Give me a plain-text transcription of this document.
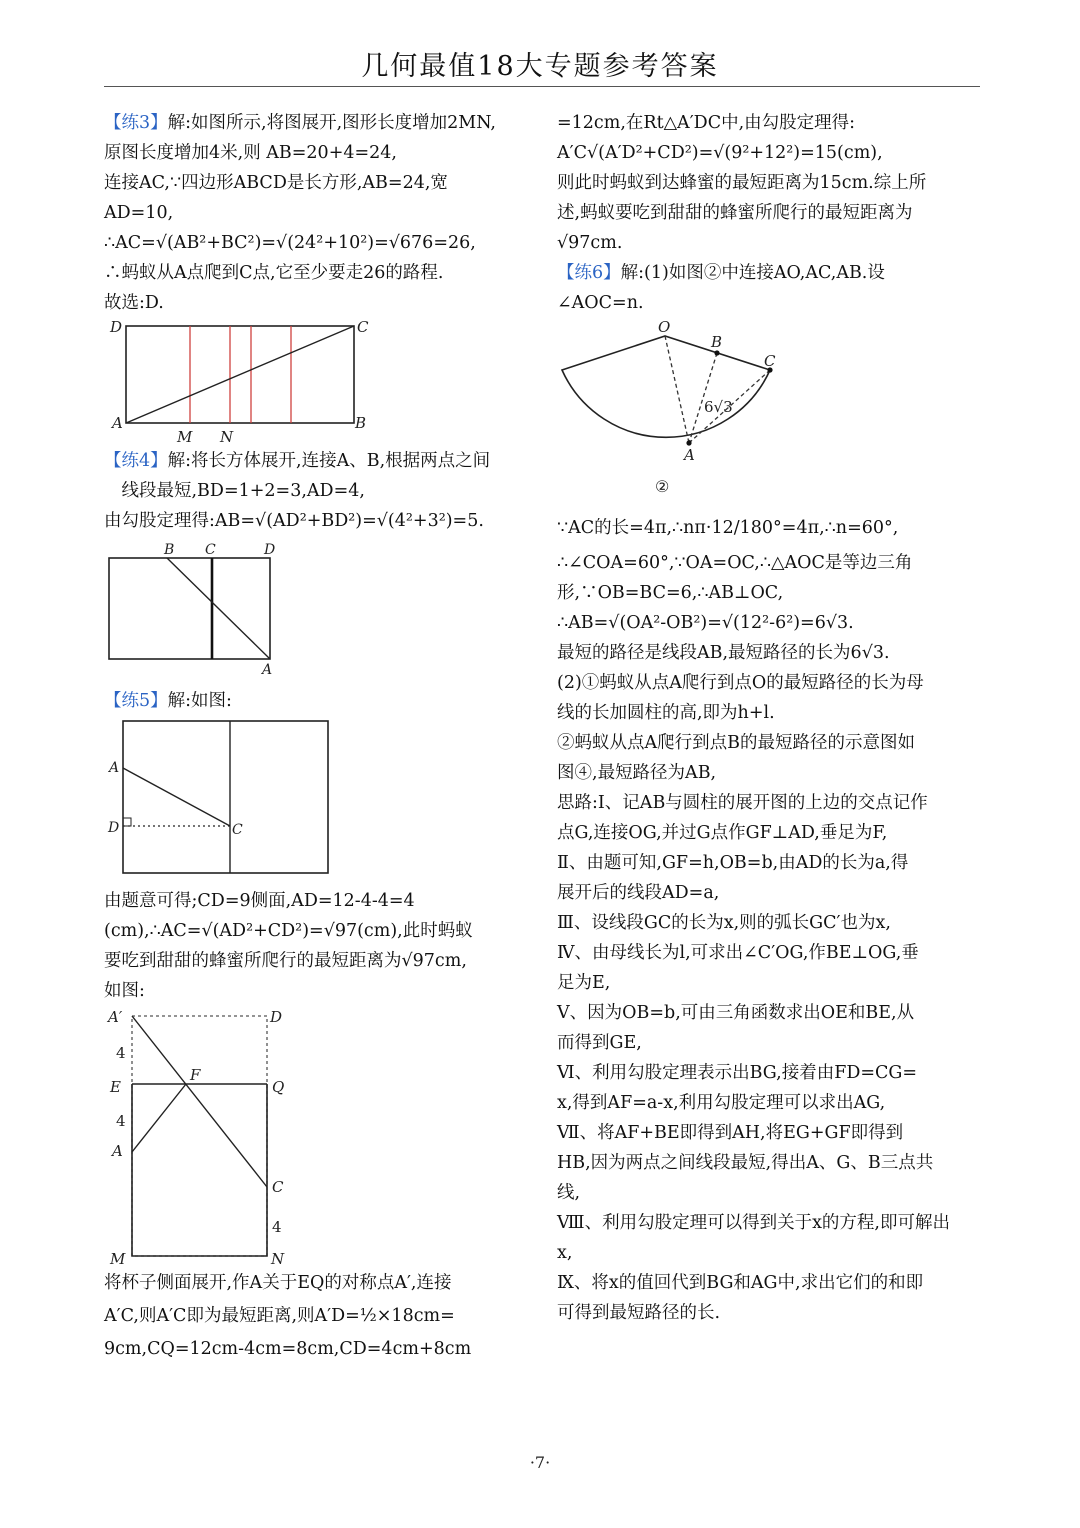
几何最值18大专题参考答案
【练3】解:如图所示,将图展开,图形长度增加2MN,
原图长度增加4米,则 AB=20+4=24,
连接AC,∵四边形ABCD是长方形,AB=24,宽
AD=10,
∴AC=√(AB²+BC²)=√(24²+10²)=√676=26,
∴蚂蚁从A点爬到C点,它至少要走26的路程.
故选:D.
D	C
A	B
M N
【练4】解:将长方体展开,连接A、B,根据两点之间
　线段最短,BD=1+2=3,AD=4,
由勾股定理得:AB=√(AD²+BD²)=√(4²+3²)=5.
B C	D
A
【练5】解:如图:
A
D	C
由题意可得;CD=9侧面,AD=12-4-4=4
(cm),∴AC=√(AD²+CD²)=√97(cm),此时蚂蚁
要吃到甜甜的蜂蜜所爬行的最短距离为√97cm,
如图:
A′	D
4
F
E	Q
4
A
C
4
M	N
将杯子侧面展开,作A关于EQ的对称点A′,连接
A′C,则A′C即为最短距离,则A′D=½×18cm=
9cm,CQ=12cm-4cm=8cm,CD=4cm+8cm
=12cm,在Rt△A′DC中,由勾股定理得:
A′C√(A′D²+CD²)=√(9²+12²)=15(cm),
则此时蚂蚁到达蜂蜜的最短距离为15cm.综上所
述,蚂蚁要吃到甜甜的蜂蜜所爬行的最短距离为
√97cm.
【练6】解:(1)如图②中连接AO,AC,AB.设
∠AOC=n.
O
B
C
A
6√3
②
∵AC的长=4π,∴nπ·12/180°=4π,∴n=60°,
∴∠COA=60°,∵OA=OC,∴△AOC是等边三角
形,∵OB=BC=6,∴AB⊥OC,
∴AB=√(OA²-OB²)=√(12²-6²)=6√3.
最短的路径是线段AB,最短路径的长为6√3.
(2)①蚂蚁从点A爬行到点O的最短路径的长为母
线的长加圆柱的高,即为h+l.
②蚂蚁从点A爬行到点B的最短路径的示意图如
图④,最短路径为AB,
思路:Ⅰ、记AB与圆柱的展开图的上边的交点记作
点G,连接OG,并过G点作GF⊥AD,垂足为F,
Ⅱ、由题可知,GF=h,OB=b,由AD的长为a,得
展开后的线段AD=a,
Ⅲ、设线段GC的长为x,则的弧长GC′也为x,
Ⅳ、由母线长为l,可求出∠C′OG,作BE⊥OG,垂
足为E,
Ⅴ、因为OB=b,可由三角函数求出OE和BE,从
而得到GE,
Ⅵ、利用勾股定理表示出BG,接着由FD=CG=
x,得到AF=a-x,利用勾股定理可以求出AG,
Ⅶ、将AF+BE即得到AH,将EG+GF即得到
HB,因为两点之间线段最短,得出A、G、B三点共
线,
Ⅷ、利用勾股定理可以得到关于x的方程,即可解出
x,
Ⅸ、将x的值回代到BG和AG中,求出它们的和即
可得到最短路径的长.
·7·
